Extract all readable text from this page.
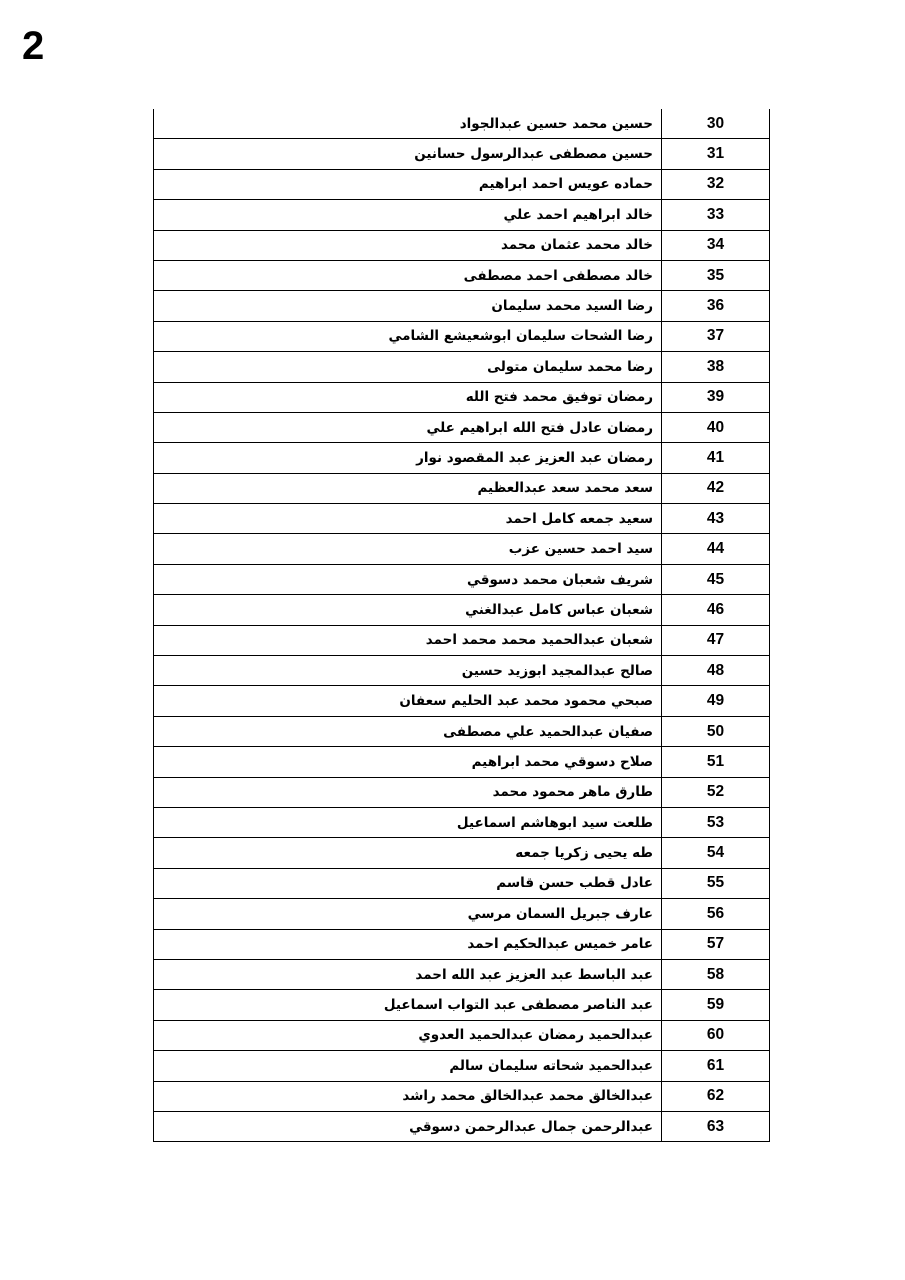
2
30	حسين محمد حسين عبدالجواد
31	حسين مصطفى عبدالرسول حسانين
32	حماده عويس احمد ابراهيم
33	خالد ابراهيم احمد علي
34	خالد محمد عثمان محمد
35	خالد مصطفى احمد مصطفى
36	رضا السيد محمد سليمان
37	رضا الشحات سليمان ابوشعيشع الشامي
38	رضا محمد سليمان متولى
39	رمضان توفيق محمد فتح الله
40	رمضان عادل فتح الله ابراهيم علي
41	رمضان عبد العزيز عبد المقصود نوار
42	سعد محمد سعد عبدالعظيم
43	سعيد جمعه كامل احمد
44	سيد احمد حسين عزب
45	شريف شعبان محمد دسوقي
46	شعبان عباس كامل عبدالغني
47	شعبان عبدالحميد محمد محمد احمد
48	صالح عبدالمجيد ابوزيد حسين
49	صبحي محمود محمد عبد الحليم سعفان
50	صفيان عبدالحميد علي مصطفى
51	صلاح دسوقي محمد ابراهيم
52	طارق ماهر محمود محمد
53	طلعت سيد ابوهاشم اسماعيل
54	طه يحيى زكريا جمعه
55	عادل قطب حسن قاسم
56	عارف جبريل السمان مرسي
57	عامر خميس عبدالحكيم احمد
58	عبد الباسط عبد العزيز عبد الله احمد
59	عبد الناصر مصطفى عبد التواب اسماعيل
60	عبدالحميد رمضان عبدالحميد العدوي
61	عبدالحميد شحاته سليمان سالم
62	عبدالخالق محمد عبدالخالق محمد راشد
63	عبدالرحمن جمال عبدالرحمن دسوقي
